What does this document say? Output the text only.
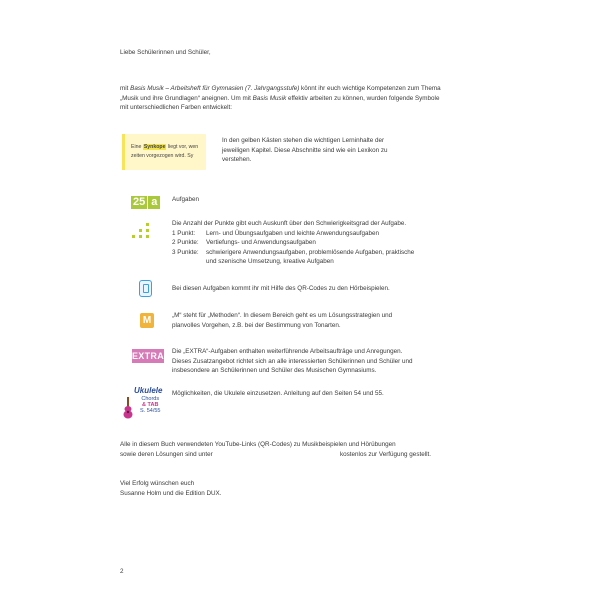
Liebe Schülerinnen und Schüler,
mit Basis Musik – Arbeitsheft für Gymnasien (7. Jahrgangsstufe) könnt ihr euch wichtige Kompetenzen zum Thema
„Musik und ihre Grundlagen“ aneignen. Um mit Basis Musik effektiv arbeiten zu können, wurden folgende Symbole
mit unterschiedlichen Farben entwickelt:
Eine Synkope liegt vor, wen
zeiten vorgezogen wird. Sy
In den gelben Kästen stehen die wichtigen Lerninhalte der
jeweiligen Kapitel. Diese Abschnitte sind wie ein Lexikon zu
verstehen.
25 a	Aufgaben
Die Anzahl der Punkte gibt euch Auskunft über den Schwierigkeitsgrad der Aufgabe.
1 Punkt: Lern- und Übungsaufgaben und leichte Anwendungsaufgaben
2 Punkte: Vertiefungs- und Anwendungsaufgaben
3 Punkte: schwierigere Anwendungsaufgaben, problemlösende Aufgaben, praktische
und szenische Umsetzung, kreative Aufgaben
Bei diesen Aufgaben kommt ihr mit Hilfe des QR-Codes zu den Hörbeispielen.
M	„M“ steht für „Methoden“. In diesem Bereich geht es um Lösungsstrategien und
planvolles Vorgehen, z.B. bei der Bestimmung von Tonarten.
EXTRA Die „EXTRA“-Aufgaben enthalten weiterführende Arbeitsaufträge und Anregungen.
Dieses Zusatzangebot richtet sich an alle interessierten Schülerinnen und Schüler und
insbesondere an Schülerinnen und Schüler des Musischen Gymnasiums.
Ukulele
Chords
& TAB
S. 54/55
Möglichkeiten, die Ukulele einzusetzen. Anleitung auf den Seiten 54 und 55.
Alle in diesem Buch verwendeten YouTube-Links (QR-Codes) zu Musikbeispielen und Hörübungen
sowie deren Lösungen sind unter	kostenlos zur Verfügung gestellt.
Viel Erfolg wünschen euch
Susanne Holm und die Edition DUX.
2
